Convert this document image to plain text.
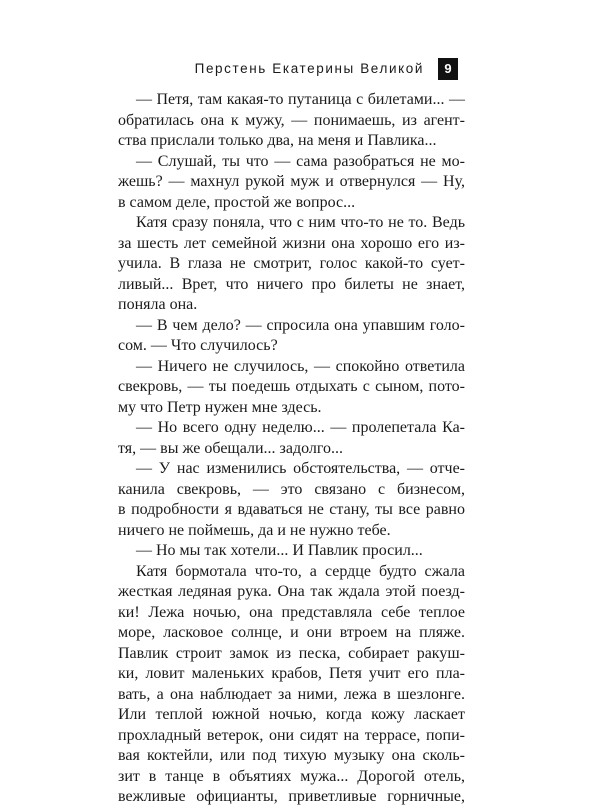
Перстень Екатерины Великой	9
— Петя, там какая-то путаница с билетами... —
обратилась она к мужу, — понимаешь, из агент-
ства прислали только два, на меня и Павлика...
— Слушай, ты что — сама разобраться не мо-
жешь? — махнул рукой муж и отвернулся — Ну,
в самом деле, простой же вопрос...
Катя сразу поняла, что с ним что-то не то. Ведь
за шесть лет семейной жизни она хорошо его из-
учила. В глаза не смотрит, голос какой-то сует-
ливый... Врет, что ничего про билеты не знает,
поняла она.
— В чем дело? — спросила она упавшим голо-
сом. — Что случилось?
— Ничего не случилось, — спокойно ответила
свекровь, — ты поедешь отдыхать с сыном, пото-
му что Петр нужен мне здесь.
— Но всего одну неделю... — пролепетала Ка-
тя, — вы же обещали... задолго...
— У нас изменились обстоятельства, — отче-
канила свекровь, — это связано с бизнесом,
в подробности я вдаваться не стану, ты все равно
ничего не поймешь, да и не нужно тебе.
— Но мы так хотели... И Павлик просил...
Катя бормотала что-то, а сердце будто сжала
жесткая ледяная рука. Она так ждала этой поезд-
ки! Лежа ночью, она представляла себе теплое
море, ласковое солнце, и они втроем на пляже.
Павлик строит замок из песка, собирает ракуш-
ки, ловит маленьких крабов, Петя учит его пла-
вать, а она наблюдает за ними, лежа в шезлонге.
Или теплой южной ночью, когда кожу ласкает
прохладный ветерок, они сидят на террасе, попи-
вая коктейли, или под тихую музыку она сколь-
зит в танце в объятиях мужа... Дорогой отель,
вежливые официанты, приветливые горничные,
